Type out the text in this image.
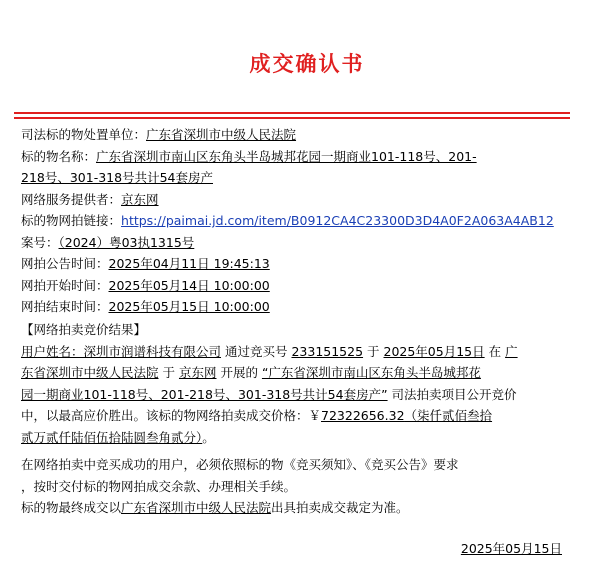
成交确认书
司法标的物处置单位：广东省深圳市中级人民法院
标的物名称：广东省深圳市南山区东角头半岛城邦花园一期商业101-118号、201-
218号、301-318号共计54套房产
网络服务提供者：京东网
标的物网拍链接：https://paimai.jd.com/item/B0912CA4C23300D3D4A0F2A063A4AB12
案号：（2024）粤03执1315号
网拍公告时间：2025年04月11日 19:45:13
网拍开始时间：2025年05月14日 10:00:00
网拍结束时间：2025年05月15日 10:00:00
【网络拍卖竞价结果】
用户姓名：深圳市润谱科技有限公司 通过竞买号 233151525 于 2025年05月15日 在 广
东省深圳市中级人民法院 于 京东网 开展的 “广东省深圳市南山区东角头半岛城邦花
园一期商业101-118号、201-218号、301-318号共计54套房产” 司法拍卖项目公开竞价
中，以最高应价胜出。该标的物网络拍卖成交价格：￥72322656.32（柒仟贰佰叁拾
贰万贰仟陆佰伍拾陆圆叁角贰分）。
在网络拍卖中竞买成功的用户，必须依照标的物《竞买须知》、《竞买公告》要求
，按时交付标的物网拍成交余款、办理相关手续。
标的物最终成交以广东省深圳市中级人民法院出具拍卖成交裁定为准。
2025年05月15日
